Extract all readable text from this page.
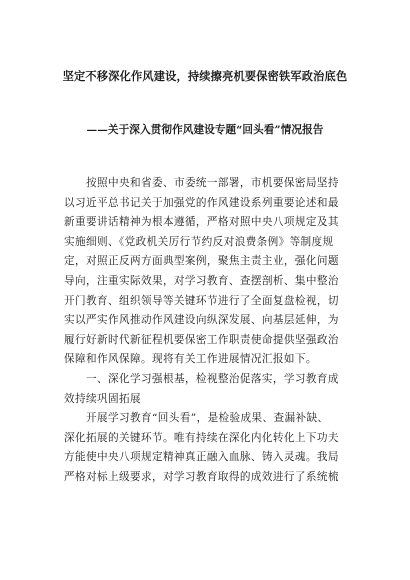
坚定不移深化作风建设，持续擦亮机要保密铁军政治底色
——关于深入贯彻作风建设专题“回头看”情况报告
按照中央和省委、市委统一部署，市机要保密局坚持
以习近平总书记关于加强党的作风建设系列重要论述和最
新重要讲话精神为根本遵循，严格对照中央八项规定及其
实施细则、《党政机关厉行节约反对浪费条例》等制度规
定，对照正反两方面典型案例，聚焦主责主业，强化问题
导向，注重实际效果，对学习教育、查摆剖析、集中整治
开门教育、组织领导等关键环节进行了全面复盘检视，切
实以严实作风推动作风建设向纵深发展、向基层延伸，为
履行好新时代新征程机要保密工作职责使命提供坚强政治
保障和作风保障。现将有关工作进展情况汇报如下。
一、深化学习强根基，检视整治促落实，学习教育成
效持续巩固拓展
开展学习教育“回头看”，是检验成果、查漏补缺、
深化拓展的关键环节。唯有持续在深化内化转化上下功夫
方能使中央八项规定精神真正融入血脉、铸入灵魂。我局
严格对标上级要求，对学习教育取得的成效进行了系统梳
